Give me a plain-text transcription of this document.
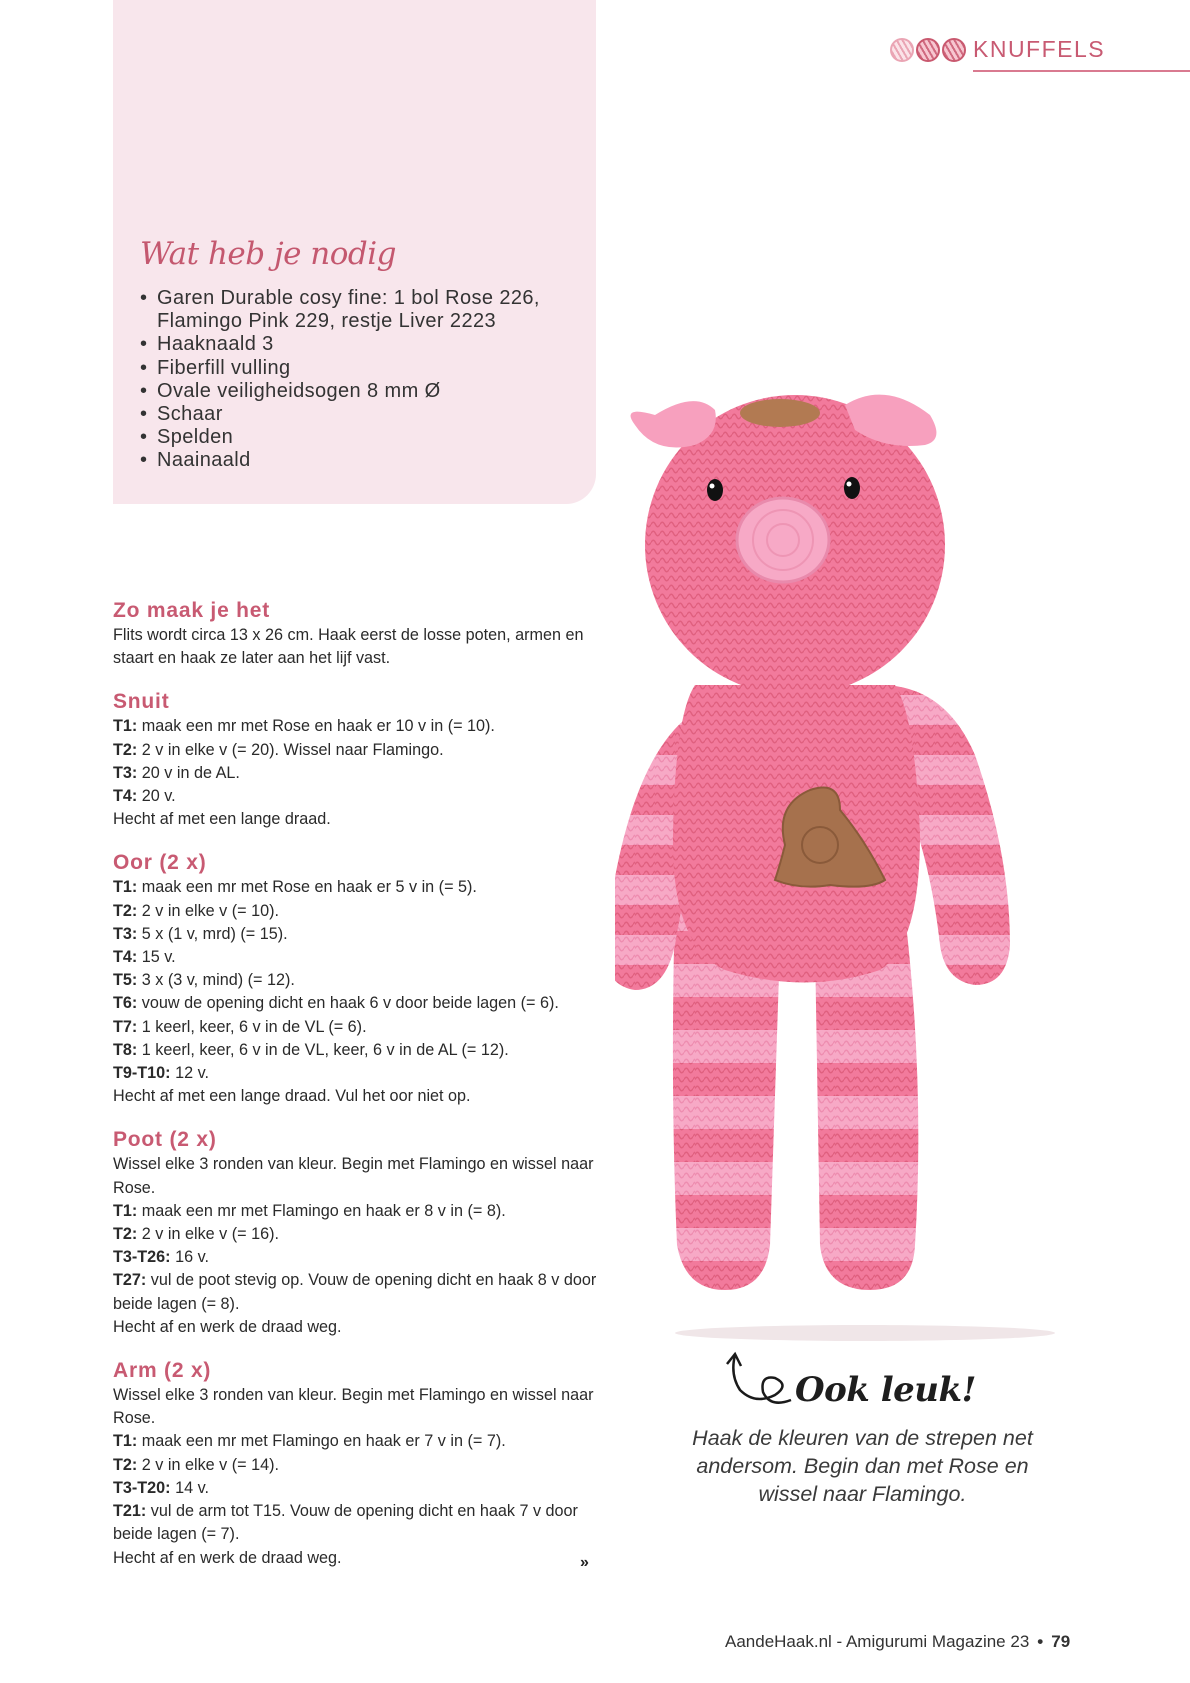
KNUFFELS
Wat heb je nodig
• Garen Durable cosy fine: 1 bol Rose 226, Flamingo Pink 229, restje Liver 2223
• Haaknaald 3
• Fiberfill vulling
• Ovale veiligheidsogen 8 mm Ø
• Schaar
• Spelden
• Naainaald
Zo maak je het

Flits wordt circa 13 x 26 cm. Haak eerst de losse poten, armen en staart en haak ze later aan het lijf vast.

Snuit

T1: maak een mr met Rose en haak er 10 v in (= 10).

T2: 2 v in elke v (= 20). Wissel naar Flamingo.

T3: 20 v in de AL.

T4: 20 v.

Hecht af met een lange draad.

Oor (2 x)

T1: maak een mr met Rose en haak er 5 v in (= 5).

T2: 2 v in elke v (= 10).

T3: 5 x (1 v, mrd) (= 15).

T4: 15 v.

T5: 3 x (3 v, mind) (= 12).

T6: vouw de opening dicht en haak 6 v door beide lagen (= 6).

T7: 1 keerl, keer, 6 v in de VL (= 6).

T8: 1 keerl, keer, 6 v in de VL, keer, 6 v in de AL (= 12).

T9-T10: 12 v.

Hecht af met een lange draad. Vul het oor niet op.

Poot (2 x)

Wissel elke 3 ronden van kleur. Begin met Flamingo en wissel naar Rose.

T1: maak een mr met Flamingo en haak er 8 v in (= 8).

T2: 2 v in elke v (= 16).

T3-T26: 16 v.

T27: vul de poot stevig op. Vouw de opening dicht en haak 8 v door beide lagen (= 8).

Hecht af en werk de draad weg.

Arm (2 x)

Wissel elke 3 ronden van kleur. Begin met Flamingo en wissel naar Rose.

T1: maak een mr met Flamingo en haak er 7 v in (= 7).

T2: 2 v in elke v (= 14).

T3-T20: 14 v.

T21: vul de arm tot T15. Vouw de opening dicht en haak 7 v door beide lagen (= 7).

Hecht af en werk de draad weg.	»
Ook leuk!
Haak de kleuren van de strepen net andersom. Begin dan met Rose en wissel naar Flamingo.
AandeHaak.nl - Amigurumi Magazine 23 • 79
